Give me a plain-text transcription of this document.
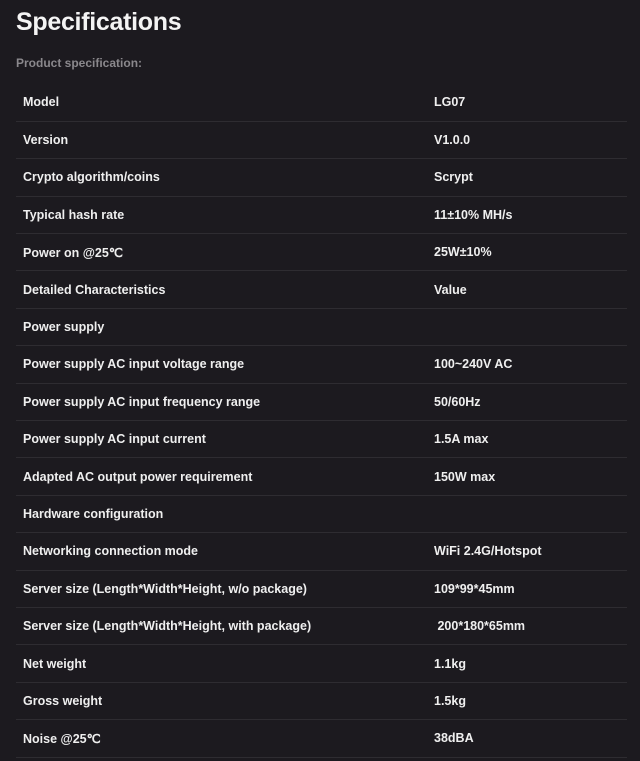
Specifications
Product specification:
Model	LG07
Version	V1.0.0
Crypto algorithm/coins	Scrypt
Typical hash rate	11±10% MH/s
Power on @25℃	25W±10%
Detailed Characteristics	Value
Power supply	
Power supply AC input voltage range	100~240V AC
Power supply AC input frequency range	50/60Hz
Power supply AC input current	1.5A max
Adapted AC output power requirement	150W max
Hardware configuration	
Networking connection mode	WiFi 2.4G/Hotspot
Server size (Length*Width*Height, w/o package)	109*99*45mm
Server size (Length*Width*Height, with package)	200*180*65mm
Net weight	1.1kg
Gross weight	1.5kg
Noise @25℃	38dBA
